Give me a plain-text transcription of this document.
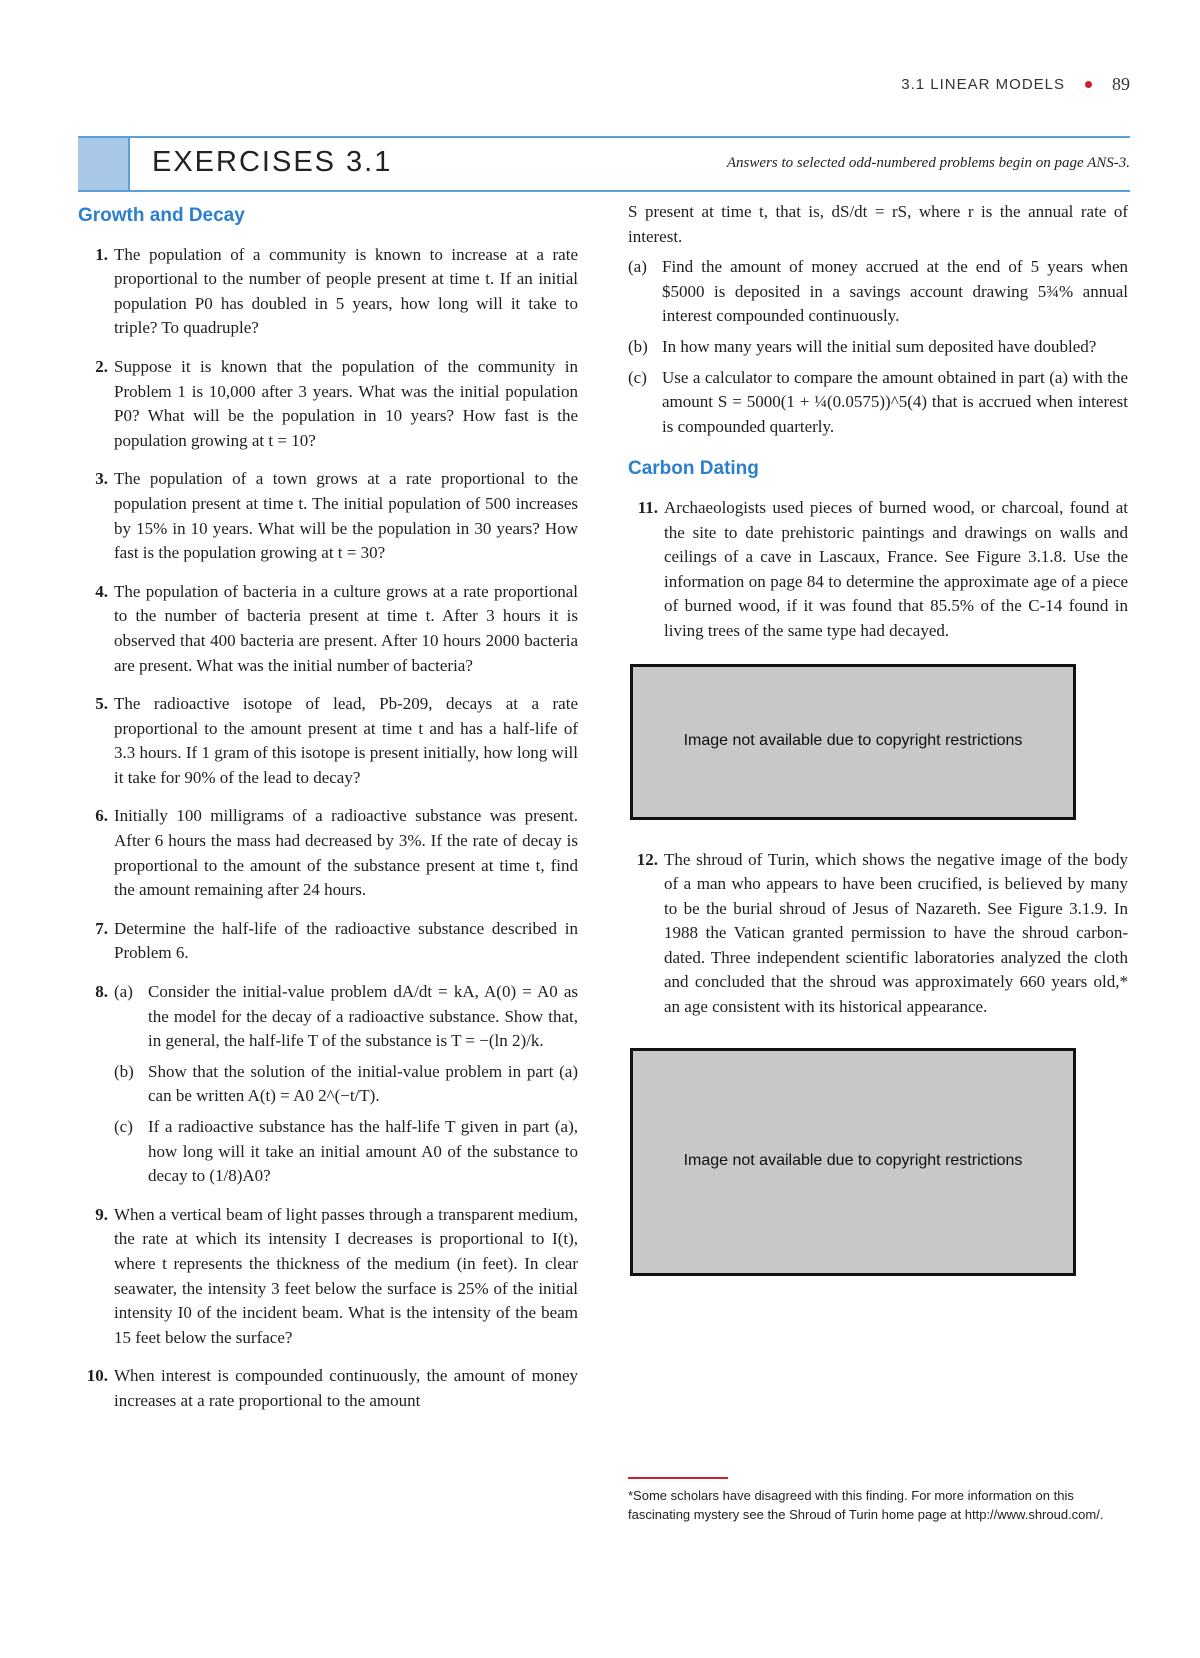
3.1 LINEAR MODELS	89
EXERCISES 3.1	Answers to selected odd-numbered problems begin on page ANS-3.
Growth and Decay
1. The population of a community is known to increase at a rate proportional to the number of people present at time t. If an initial population P0 has doubled in 5 years, how long will it take to triple? To quadruple?
2. Suppose it is known that the population of the community in Problem 1 is 10,000 after 3 years. What was the initial population P0? What will be the population in 10 years? How fast is the population growing at t = 10?
3. The population of a town grows at a rate proportional to the population present at time t. The initial population of 500 increases by 15% in 10 years. What will be the population in 30 years? How fast is the population growing at t = 30?
4. The population of bacteria in a culture grows at a rate proportional to the number of bacteria present at time t. After 3 hours it is observed that 400 bacteria are present. After 10 hours 2000 bacteria are present. What was the initial number of bacteria?
5. The radioactive isotope of lead, Pb-209, decays at a rate proportional to the amount present at time t and has a half-life of 3.3 hours. If 1 gram of this isotope is present initially, how long will it take for 90% of the lead to decay?
6. Initially 100 milligrams of a radioactive substance was present. After 6 hours the mass had decreased by 3%. If the rate of decay is proportional to the amount of the substance present at time t, find the amount remaining after 24 hours.
7. Determine the half-life of the radioactive substance described in Problem 6.
8. (a) Consider the initial-value problem dA/dt = kA, A(0) = A0 as the model for the decay of a radioactive substance. Show that, in general, the half-life T of the substance is T = −(ln 2)/k.
(b) Show that the solution of the initial-value problem in part (a) can be written A(t) = A0 2^(−t/T).
(c) If a radioactive substance has the half-life T given in part (a), how long will it take an initial amount A0 of the substance to decay to (1/8)A0?
9. When a vertical beam of light passes through a transparent medium, the rate at which its intensity I decreases is proportional to I(t), where t represents the thickness of the medium (in feet). In clear seawater, the intensity 3 feet below the surface is 25% of the initial intensity I0 of the incident beam. What is the intensity of the beam 15 feet below the surface?
10. When interest is compounded continuously, the amount of money increases at a rate proportional to the amount
S present at time t, that is, dS/dt = rS, where r is the annual rate of interest.
(a) Find the amount of money accrued at the end of 5 years when $5000 is deposited in a savings account drawing 5¾% annual interest compounded continuously.
(b) In how many years will the initial sum deposited have doubled?
(c) Use a calculator to compare the amount obtained in part (a) with the amount S = 5000(1 + ¼(0.0575))^5(4) that is accrued when interest is compounded quarterly.
Carbon Dating
11. Archaeologists used pieces of burned wood, or charcoal, found at the site to date prehistoric paintings and drawings on walls and ceilings of a cave in Lascaux, France. See Figure 3.1.8. Use the information on page 84 to determine the approximate age of a piece of burned wood, if it was found that 85.5% of the C-14 found in living trees of the same type had decayed.
Image not available due to copyright restrictions
12. The shroud of Turin, which shows the negative image of the body of a man who appears to have been crucified, is believed by many to be the burial shroud of Jesus of Nazareth. See Figure 3.1.9. In 1988 the Vatican granted permission to have the shroud carbon-dated. Three independent scientific laboratories analyzed the cloth and concluded that the shroud was approximately 660 years old,* an age consistent with its historical appearance.
Image not available due to copyright restrictions
*Some scholars have disagreed with this finding. For more information on this fascinating mystery see the Shroud of Turin home page at http://www.shroud.com/.
